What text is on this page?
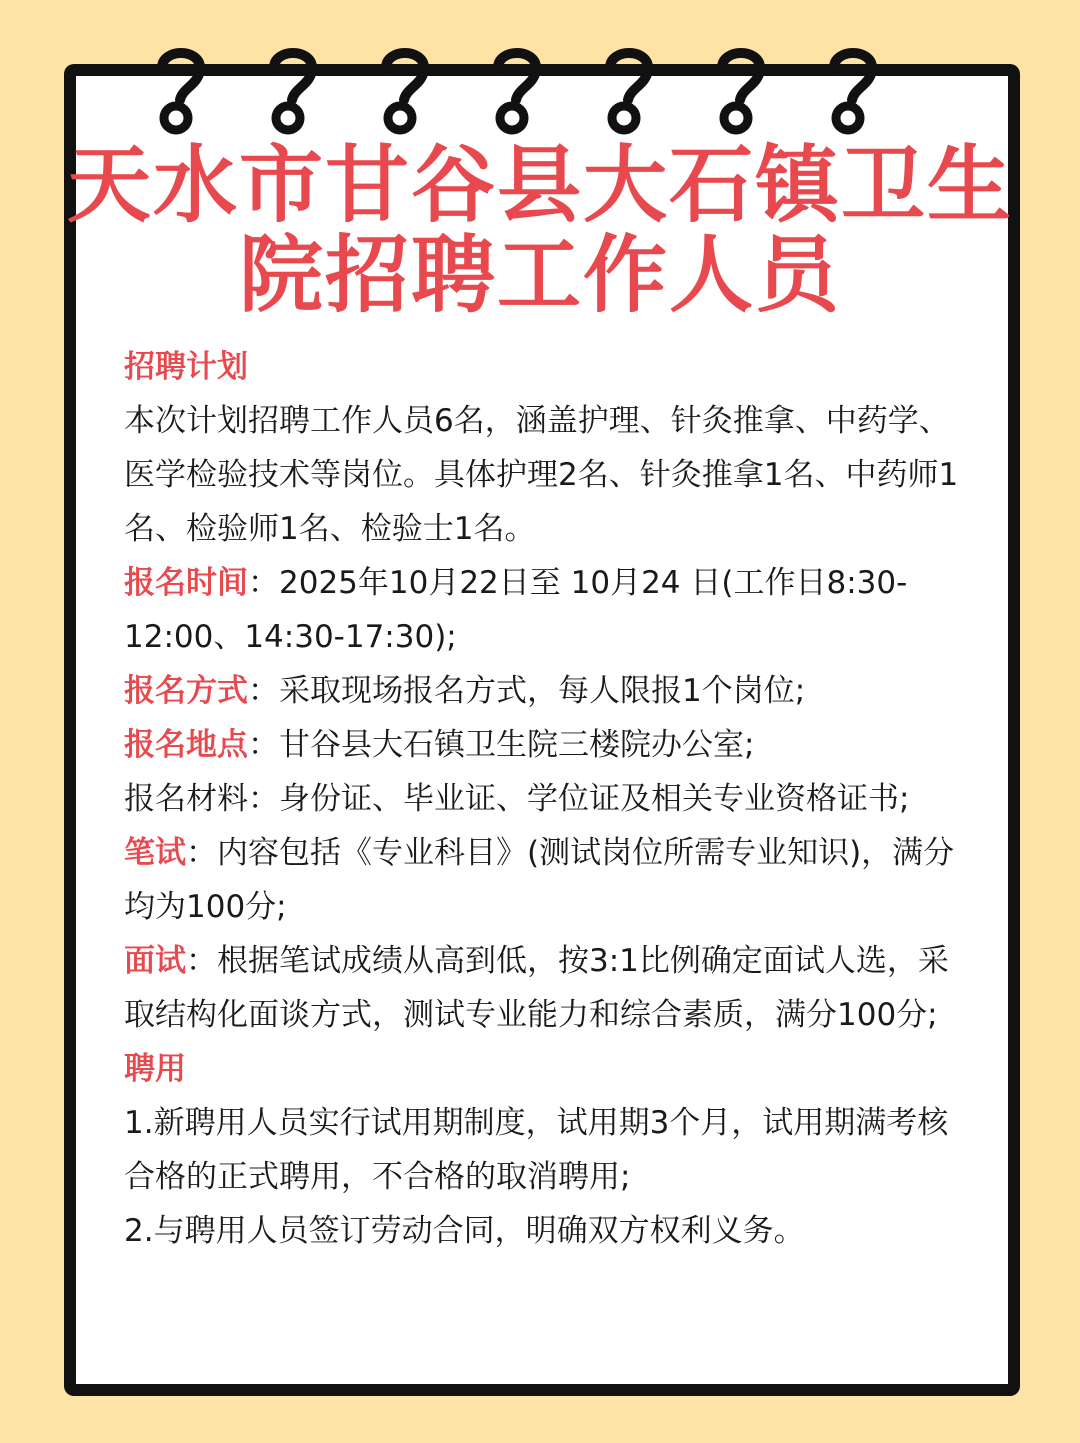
天水市甘谷县大石镇卫生
院招聘工作人员

招聘计划

本次计划招聘工作人员6名，涵盖护理、针灸推拿、中药学、医学检验技术等岗位。具体护理2名、针灸推拿1名、中药师1名、检验师1名、检验士1名。

报名时间：2025年10月22日至 10月24 日(工作日8:30-12:00、14:30-17:30);

报名方式：采取现场报名方式，每人限报1个岗位;

报名地点：甘谷县大石镇卫生院三楼院办公室;

报名材料：身份证、毕业证、学位证及相关专业资格证书;

笔试：内容包括《专业科目》(测试岗位所需专业知识)，满分均为100分;

面试：根据笔试成绩从高到低，按3:1比例确定面试人选，采取结构化面谈方式，测试专业能力和综合素质，满分100分;

聘用

1.新聘用人员实行试用期制度，试用期3个月，试用期满考核合格的正式聘用，不合格的取消聘用;

2.与聘用人员签订劳动合同，明确双方权利义务。
